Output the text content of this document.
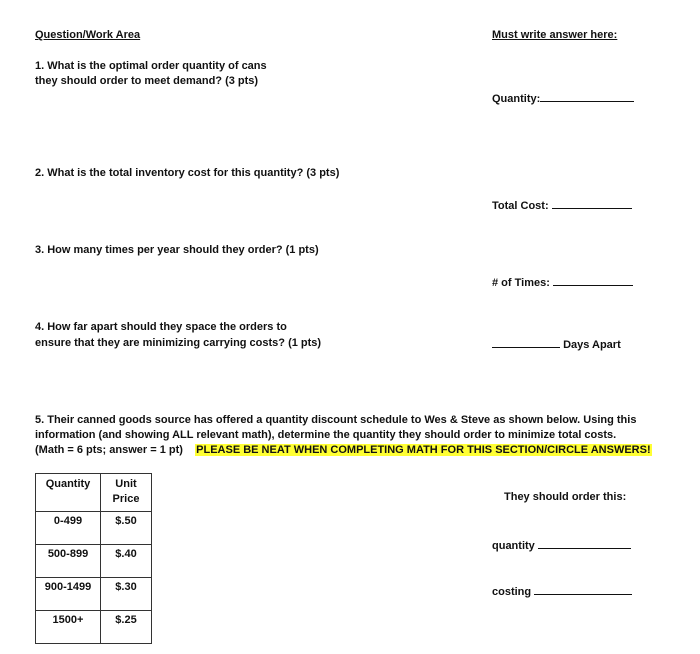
Question/Work Area	Must write answer here:
1. What is the optimal order quantity of cans
they should order to meet demand? (3 pts)
Quantity:
2. What is the total inventory cost for this quantity? (3 pts)
Total Cost:
3. How many times per year should they order? (1 pts)
# of Times:
4. How far apart should they space the orders to
ensure that they are minimizing carrying costs? (1 pts)	Days Apart
5. Their canned goods source has offered a quantity discount schedule to Wes & Steve as shown below. Using this
information (and showing ALL relevant math), determine the quantity they should order to minimize total costs.
(Math = 6 pts; answer = 1 pt) PLEASE BE NEAT WHEN COMPLETING MATH FOR THIS SECTION/CIRCLE ANSWERS!
Quantity	Unit
Price
0-499	$.50
500-899	$.40
900-1499	$.30
1500+	$.25
They should order this:
quantity
costing
